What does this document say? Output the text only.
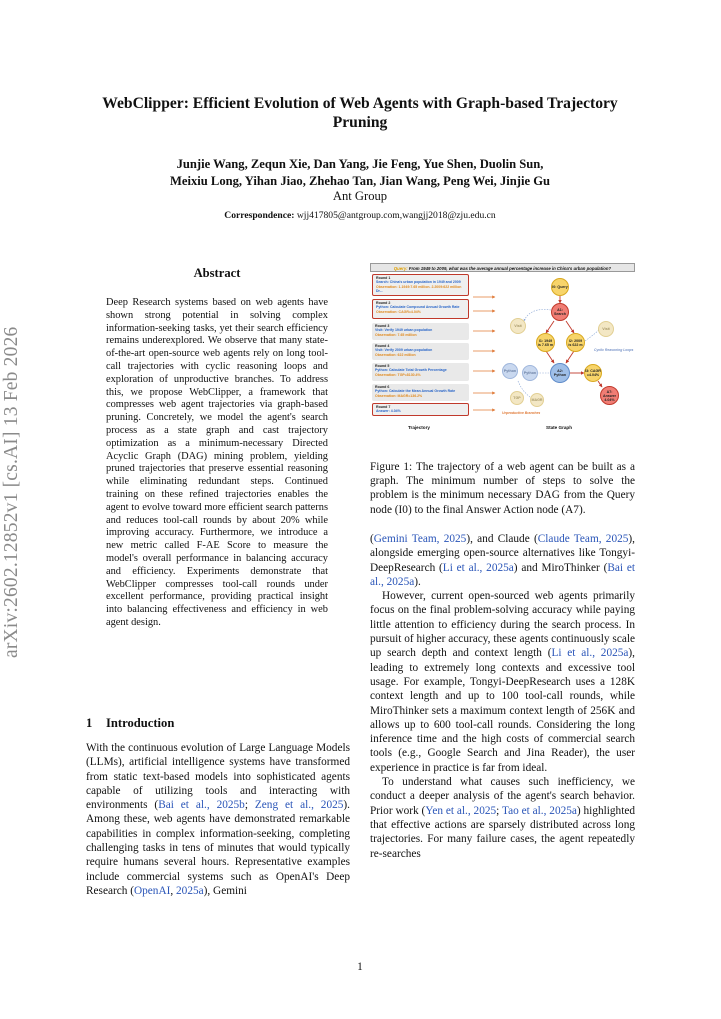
arXiv:2602.12852v1 [cs.AI] 13 Feb 2026
WebClipper: Efficient Evolution of Web Agents with Graph-based Trajectory Pruning
Junjie Wang, Zequn Xie, Dan Yang, Jie Feng, Yue Shen, Duolin Sun,
Meixiu Long, Yihan Jiao, Zhehao Tan, Jian Wang, Peng Wei, Jinjie Gu
Ant Group
Correspondence: wjj417805@antgroup.com,wangjj2018@zju.edu.cn
Abstract

Deep Research systems based on web agents have shown strong potential in solving complex information-seeking tasks, yet their search efficiency remains underexplored. We observe that many state-of-the-art open-source web agents rely on long tool-call trajectories with cyclic reasoning loops and exploration of unproductive branches. To address this, we propose WebClipper, a framework that compresses web agent trajectories via graph-based pruning. Concretely, we model the agent's search process as a state graph and cast trajectory optimization as a minimum-necessary Directed Acyclic Graph (DAG) mining problem, yielding pruned trajectories that preserve essential reasoning while eliminating redundant steps. Continued training on these refined trajectories enables the agent to evolve toward more efficient search patterns and reduces tool-call rounds by about 20% while improving accuracy. Furthermore, we introduce a new metric called F-AE Score to measure the model's overall performance in balancing accuracy and efficiency. Experiments demonstrate that WebClipper compresses tool-call rounds under excellent performance, providing practical insight into balancing effectiveness and efficiency in web agent design.

1 Introduction

With the continuous evolution of Large Language Models (LLMs), artificial intelligence systems have transformed from static text-based models into sophisticated agents capable of utilizing tools and interacting with environments (Bai et al., 2025b; Zeng et al., 2025). Among these, web agents have demonstrated remarkable capabilities in complex information-seeking, completing challenging tasks in tens of minutes that would typically require humans several hours. Representative examples include commercial systems such as OpenAI's Deep Research (OpenAI, 2025a), Gemini

Query: From 1949 to 2009, what was the average annual percentage increase in China's urban population?
Round 1
Search: China's urban population in 1949 and 2009
Observation: 1.1949:7.65 million. 2.2009:622 million
Dr...
Round 2
Python: Calculate Compound Annual Growth Rate
Observation: CAGR=4.04%
Round 3
Visit: Verify 1949 urban population
Observation: 7.65 million
Round 4
Visit: Verify 2009 urban population
Observation: 622 million
Round 5
Python: Calculate Total Growth Percentage
Observation: TGP=8130.4%
Round 6
Python: Calculate the Mean Annual Growth Rate
Observation: MAGR=136.2%
Round 7
Answer: 4.04%
I0: Query
A1: Search
Visit
I1: 1949 is 7.65 m
I2: 2009 is 622 m
Visit
A2: Python
Python	Python	I3: CAGR =4.04%
A7: Answer 4.04%
TGP	MAGR
Cyclic Reasoning Loops
Unproductive Branches
Trajectory	State Graph

Figure 1: The trajectory of a web agent can be built as a graph. The minimum number of steps to solve the problem is the minimum necessary DAG from the Query node (I0) to the final Answer Action node (A7).

(Gemini Team, 2025), and Claude (Claude Team, 2025), alongside emerging open-source alternatives like Tongyi-DeepResearch (Li et al., 2025a) and MiroThinker (Bai et al., 2025a).

However, current open-sourced web agents primarily focus on the final problem-solving accuracy while paying little attention to efficiency during the search process. In pursuit of higher accuracy, these agents continuously scale up search depth and context length (Li et al., 2025a), leading to extremely long contexts and excessive tool usage. For example, Tongyi-DeepResearch uses a 128K context length and up to 100 tool-call rounds, while MiroThinker sets a maximum context length of 256K and allows up to 600 tool-call rounds. Considering the long inference time and the high costs of commercial search tools (e.g., Google Search and Jina Reader), the user experience in practice is far from ideal.

To understand what causes such inefficiency, we conduct a deeper analysis of the agent's search behavior. Prior work (Yen et al., 2025; Tao et al., 2025a) highlighted that effective actions are sparsely distributed across long trajectories. For many failure cases, the agent repeatedly re-searches

1
